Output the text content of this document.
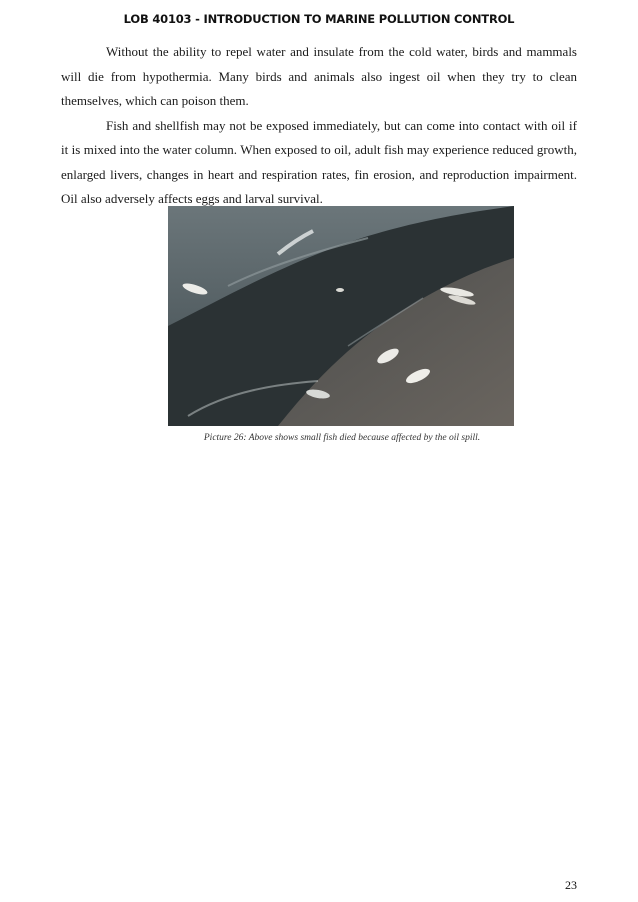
LOB 40103 - INTRODUCTION TO MARINE POLLUTION CONTROL

Without the ability to repel water and insulate from the cold water, birds and mammals will die from hypothermia. Many birds and animals also ingest oil when they try to clean themselves, which can poison them.

Fish and shellfish may not be exposed immediately, but can come into contact with oil if it is mixed into the water column. When exposed to oil, adult fish may experience reduced growth, enlarged livers, changes in heart and respiration rates, fin erosion, and reproduction impairment. Oil also adversely affects eggs and larval survival.

Picture 26: Above shows small fish died because affected by the oil spill.
23
